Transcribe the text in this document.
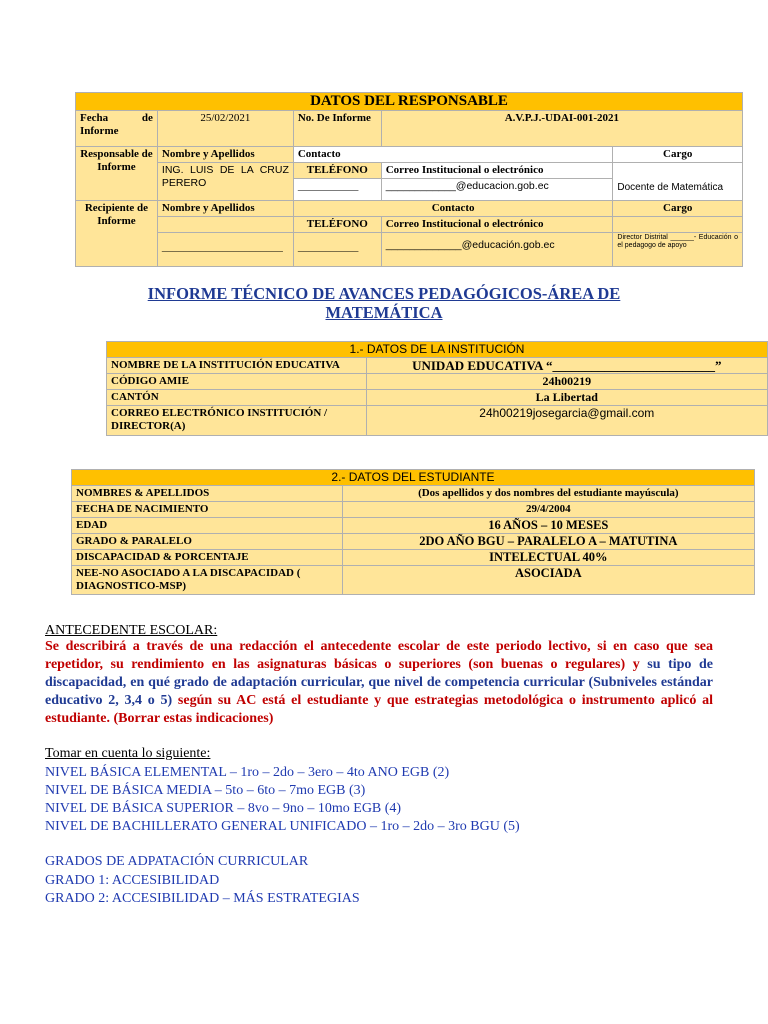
DATOS DEL RESPONSABLE				
Fecha de Informe	25/02/2021	No. De Informe	A.V.P.J.-UDAI-001-2021	
Responsable de Informe	Nombre y Apellidos	Contacto		Cargo
	ING. LUIS DE LA CRUZ PERERO	TELÉFONO	Correo Institucional o electrónico	Docente de Matemática
		___________	____________@educacion.gob.ec	
Recipiente de Informe	Nombre y Apellidos	Contacto		Cargo
		TELÉFONO	Correo Institucional o electrónico	
	______________________	___________	_____________@educación.gob.ec	Director Distrital ______- Educación o el pedagogo de apoyo
INFORME TÉCNICO DE AVANCES PEDAGÓGICOS-ÁREA DE MATEMÁTICA
1.- DATOS DE LA INSTITUCIÓN	
NOMBRE DE LA INSTITUCIÓN EDUCATIVA	UNIDAD EDUCATIVA “_________________________”
CÓDIGO AMIE	24h00219
CANTÓN	La Libertad
CORREO ELECTRÓNICO INSTITUCIÓN / DIRECTOR(A)	24h00219josegarcia@gmail.com
2.- DATOS DEL ESTUDIANTE	
NOMBRES & APELLIDOS	(Dos apellidos y dos nombres del estudiante mayúscula)
FECHA DE NACIMIENTO	29/4/2004
EDAD	16 AÑOS – 10 MESES
GRADO & PARALELO	2DO AÑO BGU – PARALELO A – MATUTINA
DISCAPACIDAD & PORCENTAJE	INTELECTUAL 40%
NEE-NO ASOCIADO A LA DISCAPACIDAD ( DIAGNOSTICO-MSP)	ASOCIADA
ANTECEDENTE ESCOLAR:
Se describirá a través de una redacción el antecedente escolar de este periodo lectivo, si en caso que sea repetidor, su rendimiento en las asignaturas básicas o superiores (son buenas o regulares) y su tipo de discapacidad, en qué grado de adaptación curricular, que nivel de competencia curricular (Subniveles estándar educativo 2, 3,4 o 5) según su AC está el estudiante y que estrategias metodológica o instrumento aplicó al estudiante. (Borrar estas indicaciones)
Tomar en cuenta lo siguiente:
NIVEL BÁSICA ELEMENTAL – 1ro – 2do – 3ero – 4to ANO EGB (2)
NIVEL DE BÁSICA MEDIA – 5to – 6to – 7mo EGB (3)
NIVEL DE BÁSICA SUPERIOR – 8vo – 9no – 10mo EGB (4)
NIVEL DE BACHILLERATO GENERAL UNIFICADO – 1ro – 2do – 3ro BGU (5)
GRADOS DE ADPATACIÓN CURRICULAR
GRADO 1: ACCESIBILIDAD
GRADO 2: ACCESIBILIDAD – MÁS ESTRATEGIAS
